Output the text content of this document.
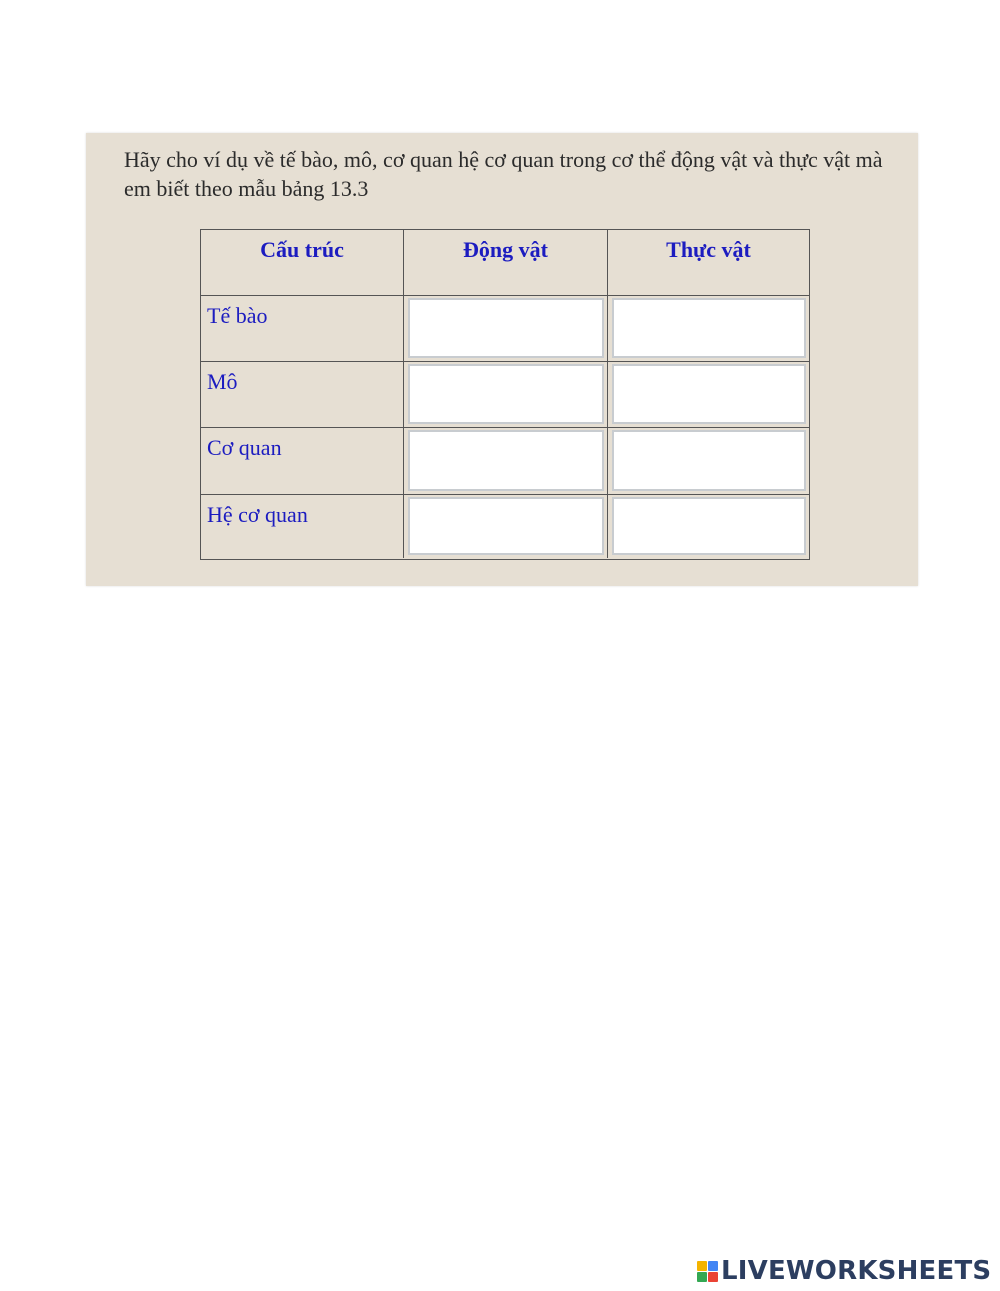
Hãy cho ví dụ về tế bào, mô, cơ quan hệ cơ quan trong cơ thể động vật và thực vật mà em biết theo mẫu bảng 13.3

Cấu trúc	Động vật	Thực vật
Tế bào
Mô
Cơ quan
Hệ cơ quan
LIVEWORKSHEETS
